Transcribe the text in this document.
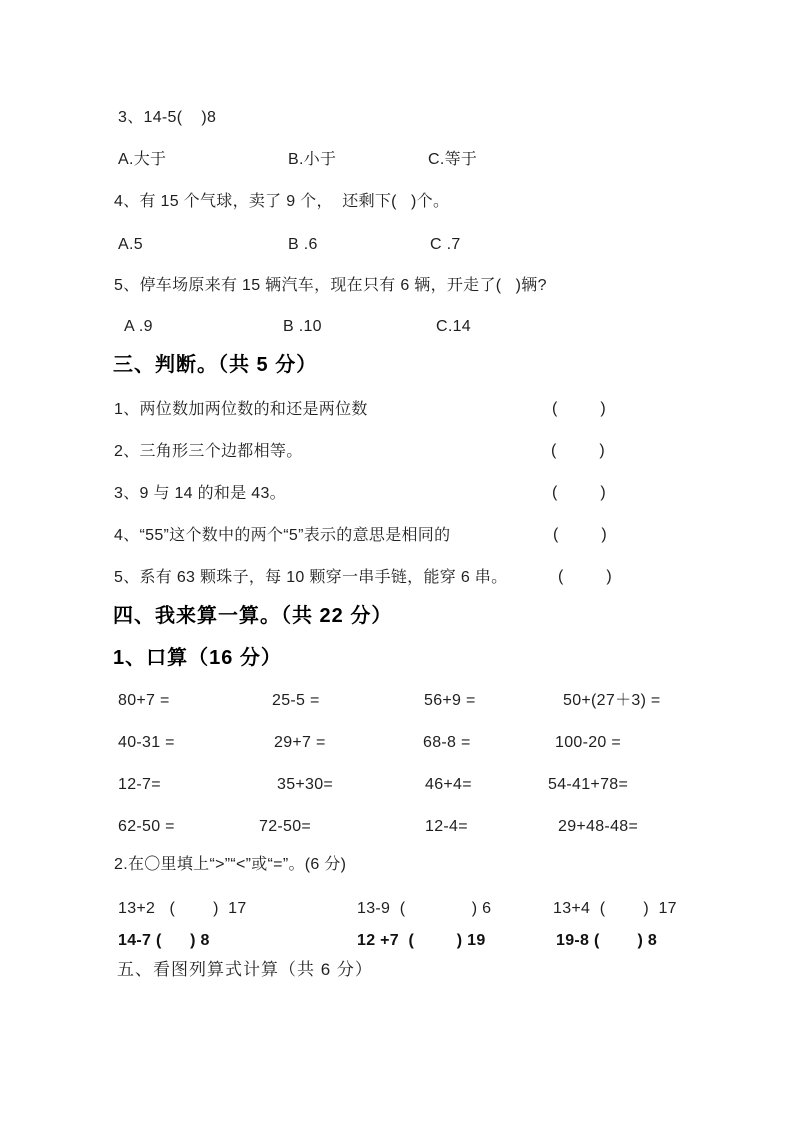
3、14-5(    )8
A.大于	B.小于	C.等于
4、有 15 个气球，卖了 9 个，  还剩下(   )个。
A.5	B .6	C .7
5、停车场原来有 15 辆汽车，现在只有 6 辆，开走了(   )辆?
A .9	B .10	C.14
三、判断。（共 5 分）
1、两位数加两位数的和还是两位数	(         )
2、三角形三个边都相等。	(         )
3、9 与 14 的和是 43。	(         )
4、“55”这个数中的两个“5”表示的意思是相同的	(         )
5、系有 63 颗珠子，每 10 颗穿一串手链，能穿 6 串。	(         )
四、我来算一算。（共 22 分）
1、口算（16 分）
80+7 =	25-5 =	56+9 =	50+(27＋3) =
40-31 =	29+7 =	68-8 =	100-20 =
12-7=	35+30=	46+4=	54-41+78=
62-50 =	72-50=	12-4=	29+48-48=
2.在〇里填上“>”“<”或“=”。(6 分)
13+2   (        )  17	13-9  (              ) 6	13+4  (        )  17
14-7 (      ) 8	12 +7  (         ) 19	19-8 (        ) 8
五、看图列算式计算（共 6 分）
